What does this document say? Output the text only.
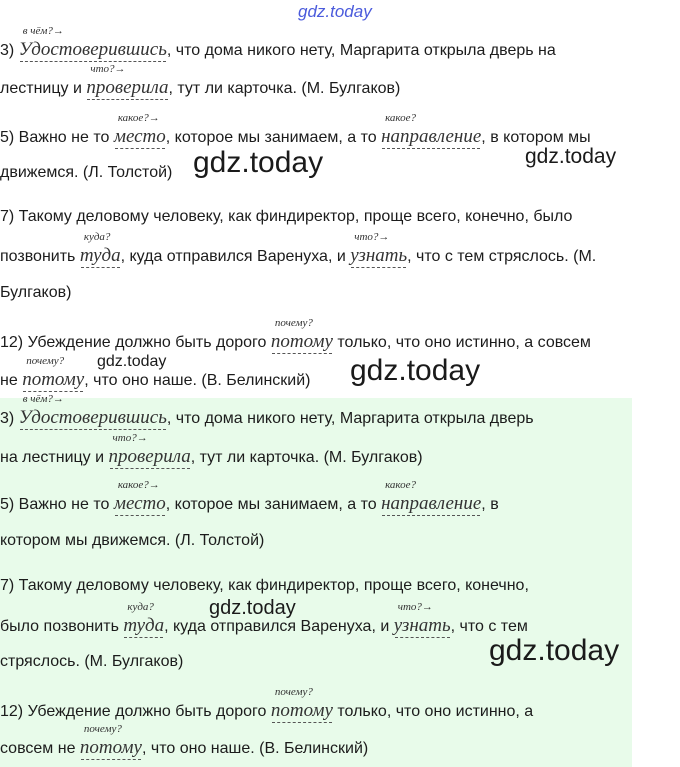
gdz.today
3)
в чём?→
Удостоверившись
, что дома никого нету, Маргарита открыла дверь на
лестницу и
что?→
проверила
, тут ли карточка. (М. Булгаков)
5) Важно не то
какое?→
место
, которое мы занимаем, а то
какое?
направление
, в котором мы
движемся. (Л. Толстой) gdz.today	gdz.today
7) Такому деловому человеку, как финдиректор, проще всего, конечно, было
позвонить
куда?
туда
, куда отправился Варенуха, и
что?→
узнать
, что с тем стряслось. (М.
Булгаков)
12) Убеждение должно быть дорого
почему?
потому
только, что оно истинно, а совсем
не
почему?
потому
, что оно наше. (В. Белинский)
gdz.today	gdz.today
3)
в чём?→
Удостоверившись
, что дома никого нету, Маргарита открыла дверь
на лестницу и
что?→
проверила
, тут ли карточка. (М. Булгаков)
5) Важно не то
какое?→
место
, которое мы занимаем, а то
какое?
направление
, в
котором мы движемся. (Л. Толстой)
7) Такому деловому человеку, как финдиректор, проще всего, конечно,
было позвонить
куда?
туда
, куда отправился Варенуха, и
что?→
узнать
, что с тем
стряслось. (М. Булгаков)
gdz.today
gdz.today
12) Убеждение должно быть дорого
почему?
потому
только, что оно истинно, а
совсем не
почему?
потому
, что оно наше. (В. Белинский)
